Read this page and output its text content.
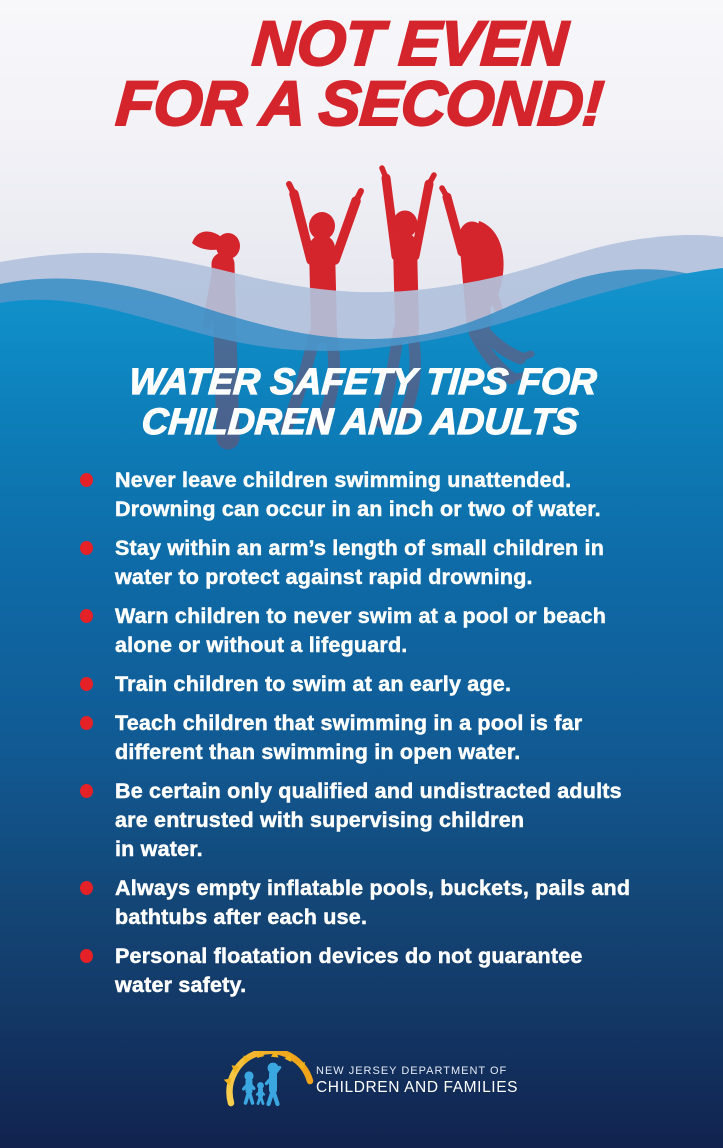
NOT EVEN
FOR A SECOND!
WATER SAFETY TIPS FOR
CHILDREN AND ADULTS
Never leave children swimming unattended.
Drowning can occur in an inch or two of water.
Stay within an arm’s length of small children in
water to protect against rapid drowning.
Warn children to never swim at a pool or beach
alone or without a lifeguard.
Train children to swim at an early age.
Teach children that swimming in a pool is far
different than swimming in open water.
Be certain only qualified and undistracted adults
are entrusted with supervising children
in water.
Always empty inflatable pools, buckets, pails and
bathtubs after each use.
Personal floatation devices do not guarantee
water safety.
NEW JERSEY DEPARTMENT OF
CHILDREN AND FAMILIES
